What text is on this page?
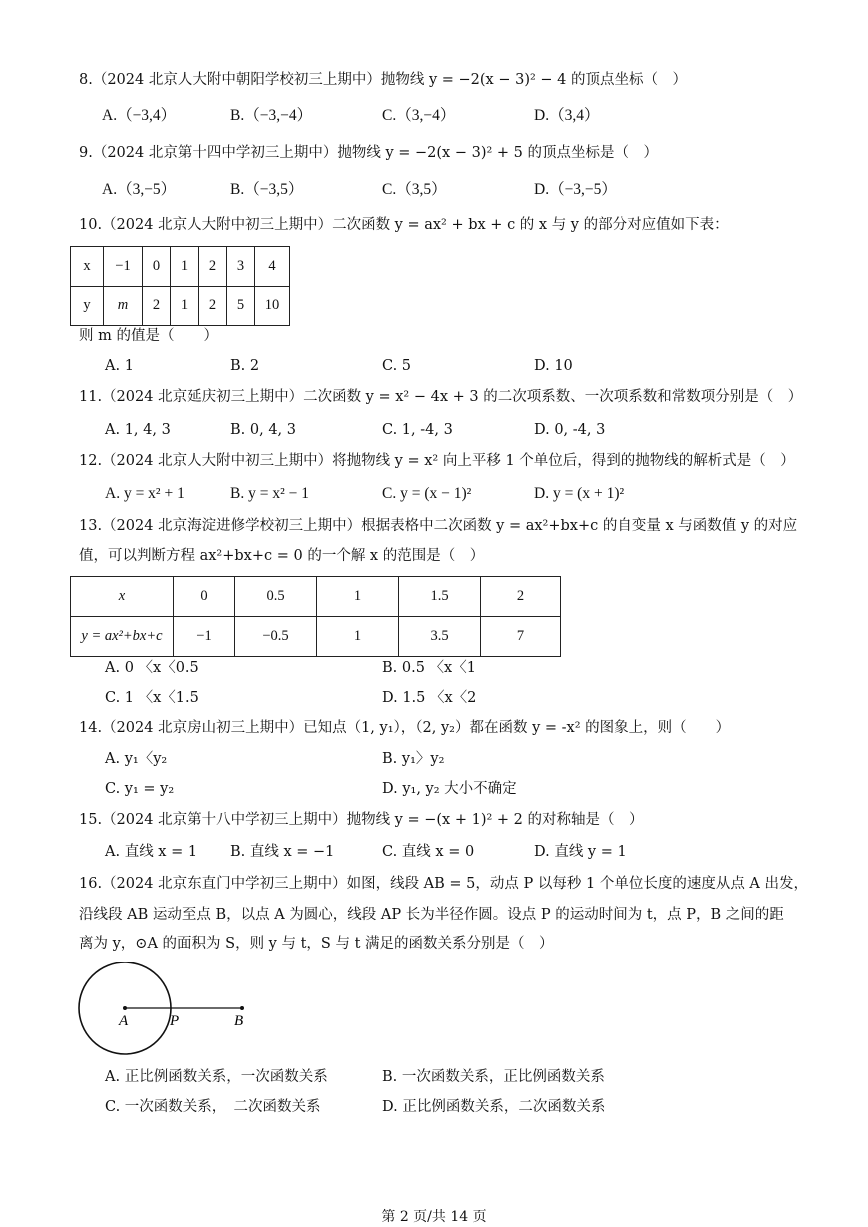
8.（2024 北京人大附中朝阳学校初三上期中）抛物线 y = −2(x − 3)² − 4 的顶点坐标（　）
A.（−3,4）	B.（−3,−4）	C.（3,−4）	D.（3,4）
9.（2024 北京第十四中学初三上期中）抛物线 y = −2(x − 3)² + 5 的顶点坐标是（　）
A.（3,−5）	B.（−3,5）	C.（3,5）	D.（−3,−5）
10.（2024 北京人大附中初三上期中）二次函数 y = ax² + bx + c 的 x 与 y 的部分对应值如下表：
x	−1	0	1	2	3	4
y	m	2	1	2	5	10
则 m 的值是（　　）
A. 1	B. 2	C. 5	D. 10
11.（2024 北京延庆初三上期中）二次函数 y = x² − 4x + 3 的二次项系数、一次项系数和常数项分别是（　）
A. 1, 4, 3	B. 0, 4, 3	C. 1, -4, 3	D. 0, -4, 3
12.（2024 北京人大附中初三上期中）将抛物线 y = x² 向上平移 1 个单位后，得到的抛物线的解析式是（　）
A. y = x² + 1	B. y = x² − 1	C. y = (x − 1)²	D. y = (x + 1)²
13.（2024 北京海淀进修学校初三上期中）根据表格中二次函数 y = ax²+bx+c 的自变量 x 与函数值 y 的对应
值，可以判断方程 ax²+bx+c = 0 的一个解 x 的范围是（　）
x	0	0.5	1	1.5	2
y = ax²+bx+c	−1	−0.5	1	3.5	7
A. 0 〈x〈0.5	B. 0.5 〈x〈1
C. 1 〈x〈1.5	D. 1.5 〈x〈2
14.（2024 北京房山初三上期中）已知点（1, y₁），（2, y₂）都在函数 y = -x² 的图象上，则（　　）
A. y₁〈y₂	B. y₁〉y₂
C. y₁ = y₂	D. y₁, y₂ 大小不确定
15.（2024 北京第十八中学初三上期中）抛物线 y = −(x + 1)² + 2 的对称轴是（　）
A. 直线 x = 1 B. 直线 x = −1	C. 直线 x = 0	D. 直线 y = 1
16.（2024 北京东直门中学初三上期中）如图，线段 AB = 5，动点 P 以每秒 1 个单位长度的速度从点 A 出发，
沿线段 AB 运动至点 B，以点 A 为圆心，线段 AP 长为半径作圆。设点 P 的运动时间为 t，点 P，B 之间的距
离为 y，⊙A 的面积为 S，则 y 与 t，S 与 t 满足的函数关系分别是（　）
A	P	B
A. 正比例函数关系，一次函数关系	B. 一次函数关系，正比例函数关系
C. 一次函数关系，　二次函数关系	D. 正比例函数关系，二次函数关系
第 2 页/共 14 页
